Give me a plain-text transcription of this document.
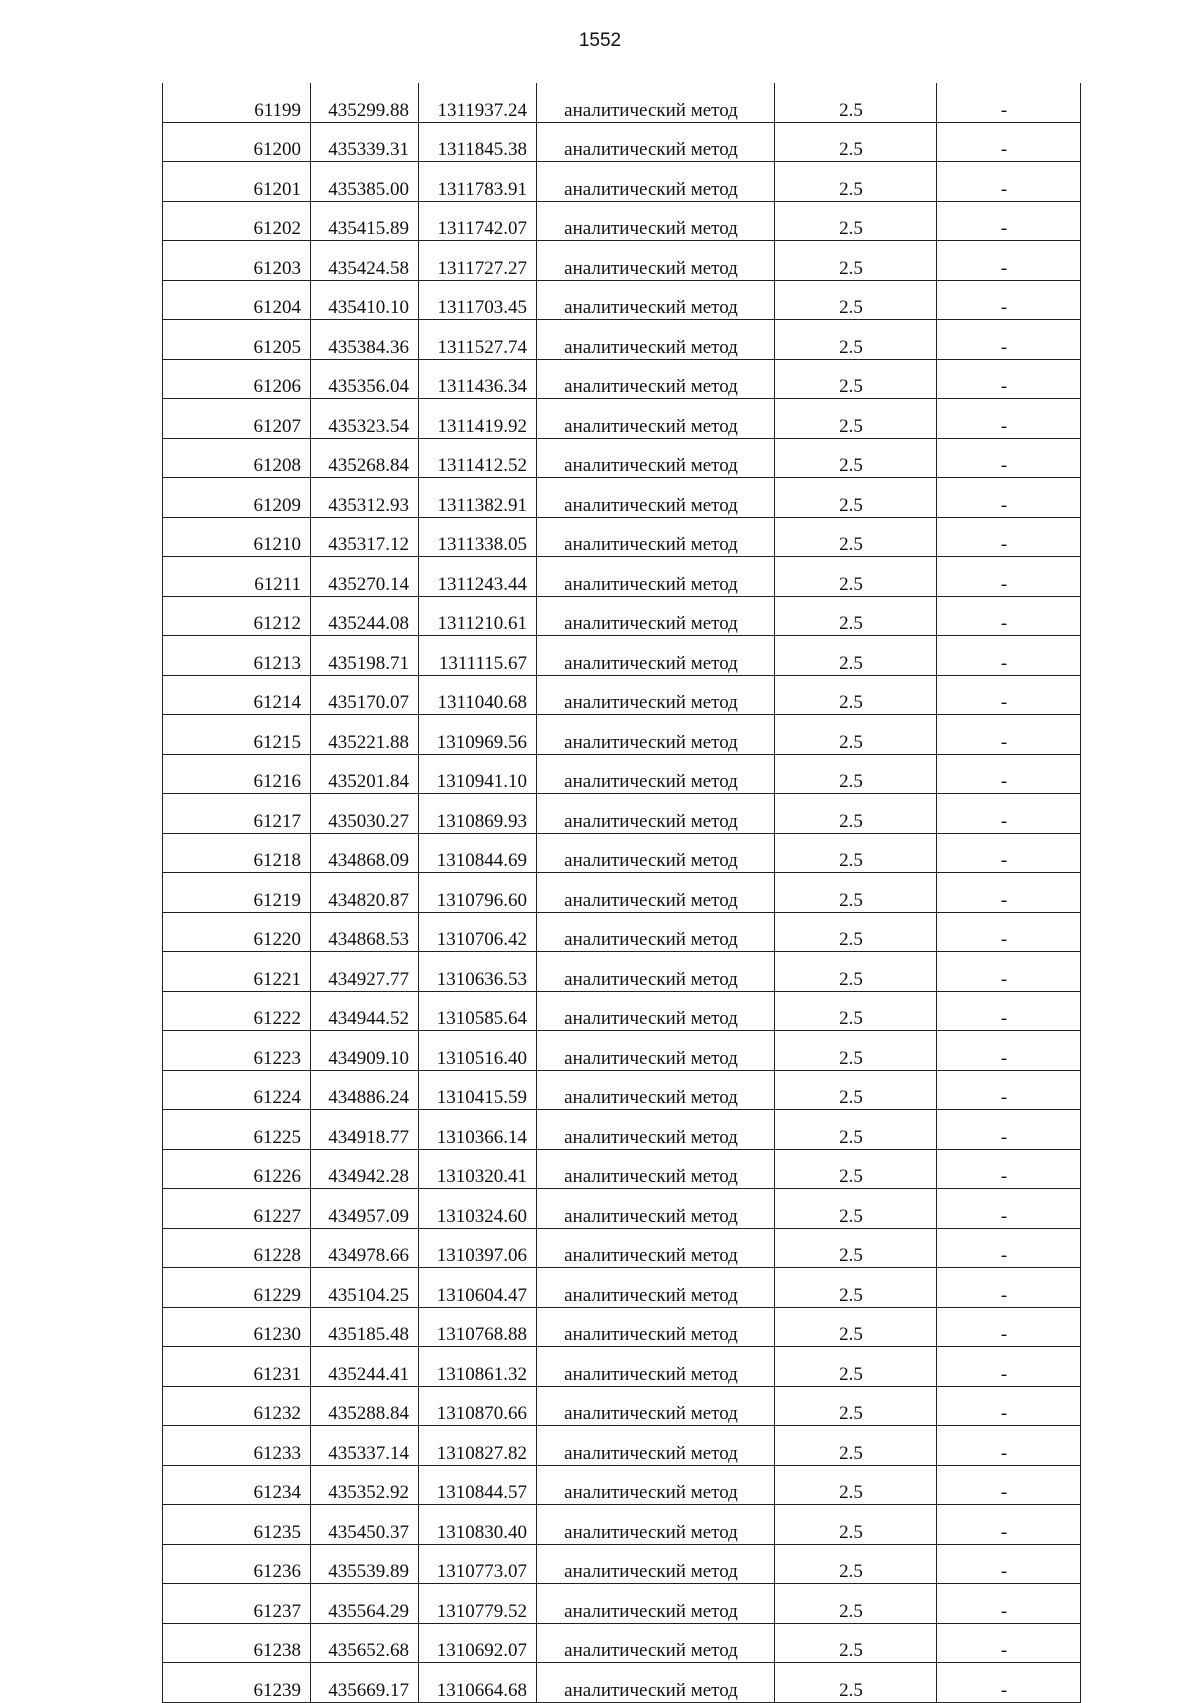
1552
61199	435299.88	1311937.24	аналитический метод	2.5	-
61200	435339.31	1311845.38	аналитический метод	2.5	-
61201	435385.00	1311783.91	аналитический метод	2.5	-
61202	435415.89	1311742.07	аналитический метод	2.5	-
61203	435424.58	1311727.27	аналитический метод	2.5	-
61204	435410.10	1311703.45	аналитический метод	2.5	-
61205	435384.36	1311527.74	аналитический метод	2.5	-
61206	435356.04	1311436.34	аналитический метод	2.5	-
61207	435323.54	1311419.92	аналитический метод	2.5	-
61208	435268.84	1311412.52	аналитический метод	2.5	-
61209	435312.93	1311382.91	аналитический метод	2.5	-
61210	435317.12	1311338.05	аналитический метод	2.5	-
61211	435270.14	1311243.44	аналитический метод	2.5	-
61212	435244.08	1311210.61	аналитический метод	2.5	-
61213	435198.71	1311115.67	аналитический метод	2.5	-
61214	435170.07	1311040.68	аналитический метод	2.5	-
61215	435221.88	1310969.56	аналитический метод	2.5	-
61216	435201.84	1310941.10	аналитический метод	2.5	-
61217	435030.27	1310869.93	аналитический метод	2.5	-
61218	434868.09	1310844.69	аналитический метод	2.5	-
61219	434820.87	1310796.60	аналитический метод	2.5	-
61220	434868.53	1310706.42	аналитический метод	2.5	-
61221	434927.77	1310636.53	аналитический метод	2.5	-
61222	434944.52	1310585.64	аналитический метод	2.5	-
61223	434909.10	1310516.40	аналитический метод	2.5	-
61224	434886.24	1310415.59	аналитический метод	2.5	-
61225	434918.77	1310366.14	аналитический метод	2.5	-
61226	434942.28	1310320.41	аналитический метод	2.5	-
61227	434957.09	1310324.60	аналитический метод	2.5	-
61228	434978.66	1310397.06	аналитический метод	2.5	-
61229	435104.25	1310604.47	аналитический метод	2.5	-
61230	435185.48	1310768.88	аналитический метод	2.5	-
61231	435244.41	1310861.32	аналитический метод	2.5	-
61232	435288.84	1310870.66	аналитический метод	2.5	-
61233	435337.14	1310827.82	аналитический метод	2.5	-
61234	435352.92	1310844.57	аналитический метод	2.5	-
61235	435450.37	1310830.40	аналитический метод	2.5	-
61236	435539.89	1310773.07	аналитический метод	2.5	-
61237	435564.29	1310779.52	аналитический метод	2.5	-
61238	435652.68	1310692.07	аналитический метод	2.5	-
61239	435669.17	1310664.68	аналитический метод	2.5	-
